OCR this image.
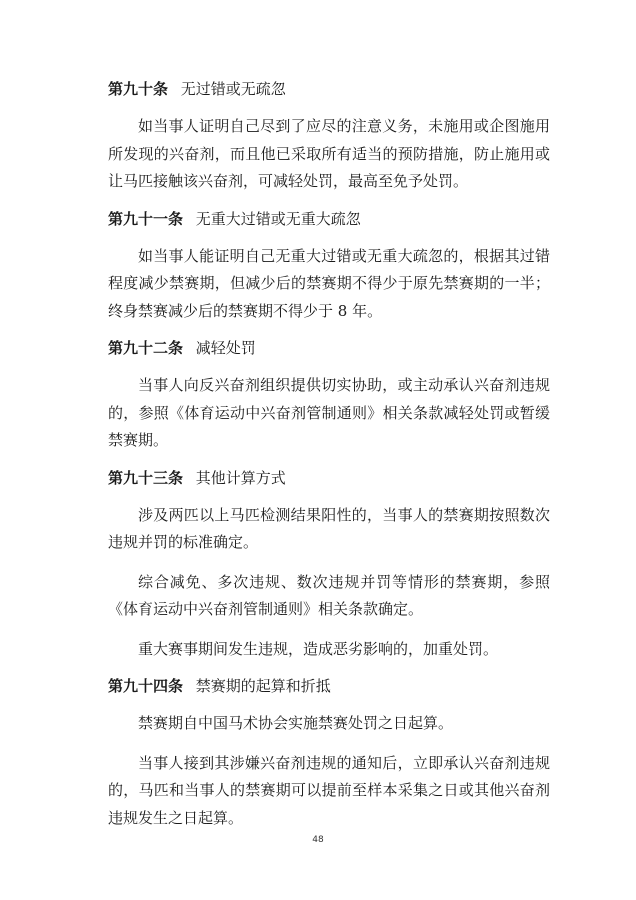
第九十条 无过错或无疏忽

如当事人证明自己尽到了应尽的注意义务，未施用或企图施用所发现的兴奋剂，而且他已采取所有适当的预防措施，防止施用或让马匹接触该兴奋剂，可减轻处罚，最高至免予处罚。

第九十一条 无重大过错或无重大疏忽

如当事人能证明自己无重大过错或无重大疏忽的，根据其过错程度减少禁赛期，但减少后的禁赛期不得少于原先禁赛期的一半；终身禁赛减少后的禁赛期不得少于 8 年。

第九十二条 减轻处罚

当事人向反兴奋剂组织提供切实协助，或主动承认兴奋剂违规的，参照《体育运动中兴奋剂管制通则》相关条款减轻处罚或暂缓禁赛期。

第九十三条 其他计算方式

涉及两匹以上马匹检测结果阳性的，当事人的禁赛期按照数次违规并罚的标准确定。

综合减免、多次违规、数次违规并罚等情形的禁赛期，参照《体育运动中兴奋剂管制通则》相关条款确定。

重大赛事期间发生违规，造成恶劣影响的，加重处罚。

第九十四条 禁赛期的起算和折抵

禁赛期自中国马术协会实施禁赛处罚之日起算。

当事人接到其涉嫌兴奋剂违规的通知后，立即承认兴奋剂违规的，马匹和当事人的禁赛期可以提前至样本采集之日或其他兴奋剂违规发生之日起算。

48
